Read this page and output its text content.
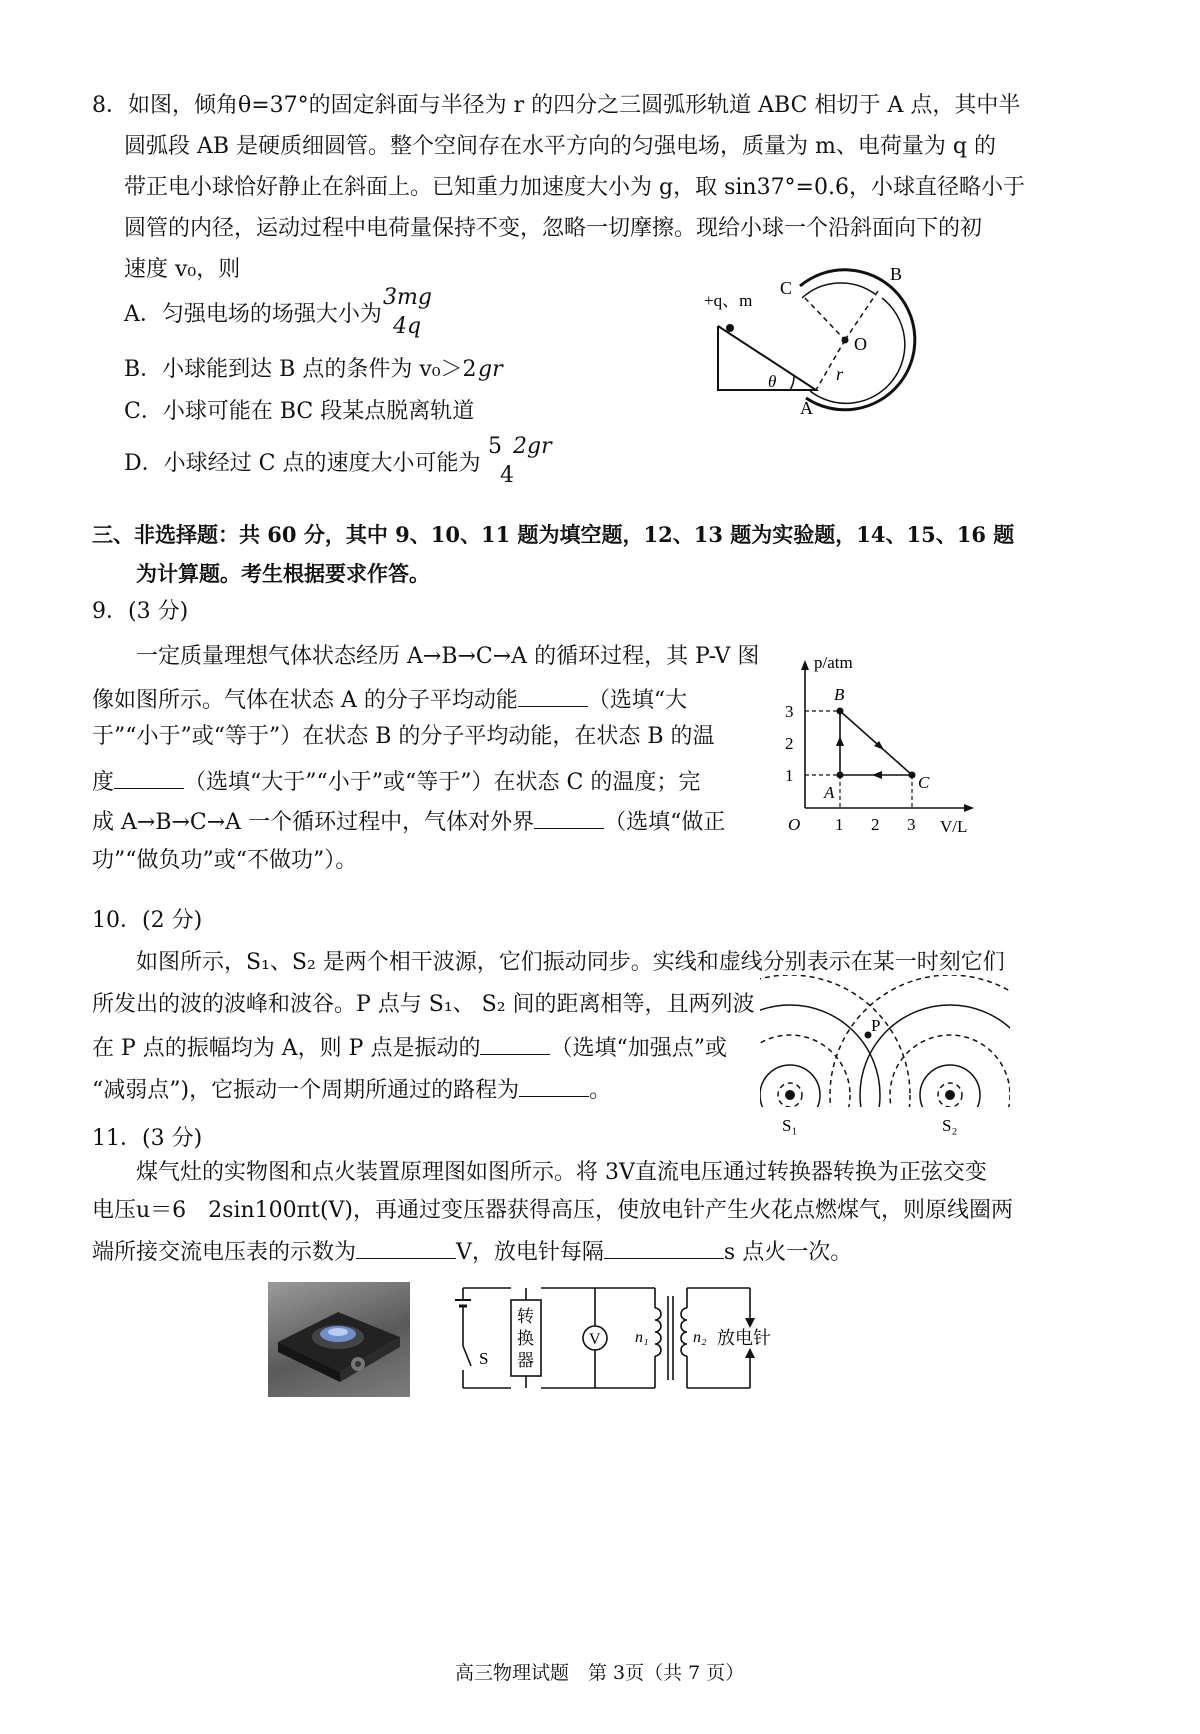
8．如图，倾角θ=37°的固定斜面与半径为 r 的四分之三圆弧形轨道 ABC 相切于 A 点，其中半
圆弧段 AB 是硬质细圆管。整个空间存在水平方向的匀强电场，质量为 m、电荷量为 q 的
带正电小球恰好静止在斜面上。已知重力加速度大小为 g，取 sin37°=0.6，小球直径略小于
圆管的内径，运动过程中电荷量保持不变，忽略一切摩擦。现给小球一个沿斜面向下的初
速度 v₀，则
A．匀强电场的场强大小为
3mg
4q
B．小球能到达 B 点的条件为 v₀＞2 gr
C．小球可能在 BC 段某点脱离轨道
D．小球经过 C 点的速度大小可能为
5 2gr
4
+q、m
C
B
O
r
θ
A
三、非选择题：共 60 分，其中 9、10、11 题为填空题，12、13 题为实验题，14、15、16 题
为计算题。考生根据要求作答。
9．(3 分)
一定质量理想气体状态经历 A→B→C→A 的循环过程，其 P-V 图
像如图所示。气体在状态 A 的分子平均动能	（选填“大
于”“小于”或“等于”）在状态 B 的分子平均动能，在状态 B 的温
度	（选填“大于”“小于”或“等于”）在状态 C 的温度；完
成 A→B→C→A 一个循环过程中，气体对外界	（选填“做正
功”“做负功”或“不做功”）。
p/atm
V/L
O
1
2
3
1 2 3
B
A
C
10．(2 分)
如图所示，S₁、S₂ 是两个相干波源，它们振动同步。实线和虚线分别表示在某一时刻它们
所发出的波的波峰和波谷。P 点与 S₁、 S₂ 间的距离相等，且两列波
在 P 点的振幅均为 A，则 P 点是振动的	（选填“加强点”或
“减弱点”)，它振动一个周期所通过的路程为	。
P
S₁	S₂
11．(3 分)
煤气灶的实物图和点火装置原理图如图所示。将 3V直流电压通过转换器转换为正弦交变
电压u＝6　2sin100πt(V)，再通过变压器获得高压，使放电针产生火花点燃煤气，则原线圈两
端所接交流电压表的示数为	V，放电针每隔	s 点火一次。
S
转
换
器
V n₁	n₂ 放电针
高三物理试题　第 3页（共 7 页）
